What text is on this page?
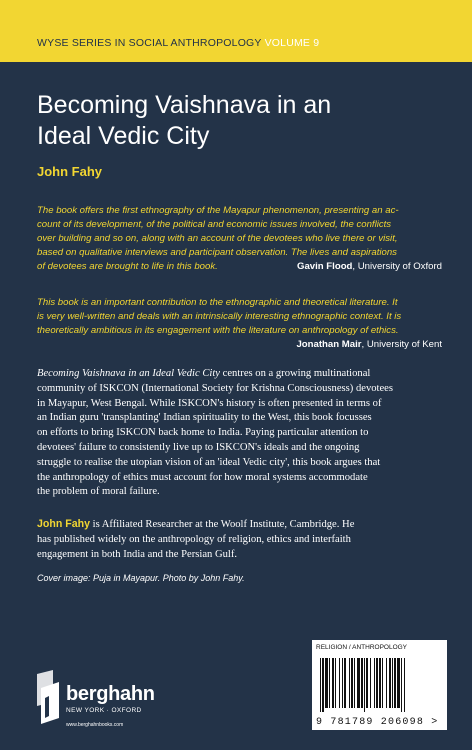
WYSE SERIES IN SOCIAL ANTHROPOLOGY VOLUME 9
Becoming Vaishnava in an
Ideal Vedic City
John Fahy
The book offers the first ethnography of the Mayapur phenomenon, presenting an ac-
count of its development, of the political and economic issues involved, the conflicts
over building and so on, along with an account of the devotees who live there or visit,
based on qualitative interviews and participant observation. The lives and aspirations
of devotees are brought to life in this book.	Gavin Flood, University of Oxford
This book is an important contribution to the ethnographic and theoretical literature. It
is very well-written and deals with an intrinsically interesting ethnographic context. It is
theoretically ambitious in its engagement with the literature on anthropology of ethics.
Jonathan Mair, University of Kent
Becoming Vaishnava in an Ideal Vedic City centres on a growing multinational
community of ISKCON (International Society for Krishna Consciousness) devotees
in Mayapur, West Bengal. While ISKCON's history is often presented in terms of
an Indian guru 'transplanting' Indian spirituality to the West, this book focusses
on efforts to bring ISKCON back home to India. Paying particular attention to
devotees' failure to consistently live up to ISKCON's ideals and the ongoing
struggle to realise the utopian vision of an 'ideal Vedic city', this book argues that
the anthropology of ethics must account for how moral systems accommodate
the problem of moral failure.
John Fahy is Affiliated Researcher at the Woolf Institute, Cambridge. He
has published widely on the anthropology of religion, ethics and interfaith
engagement in both India and the Persian Gulf.
Cover image: Puja in Mayapur. Photo by John Fahy.
berghahn
NEW YORK · OXFORD
www.berghahnbooks.com
RELIGION / ANTHROPOLOGY
9 781789 206098 >
